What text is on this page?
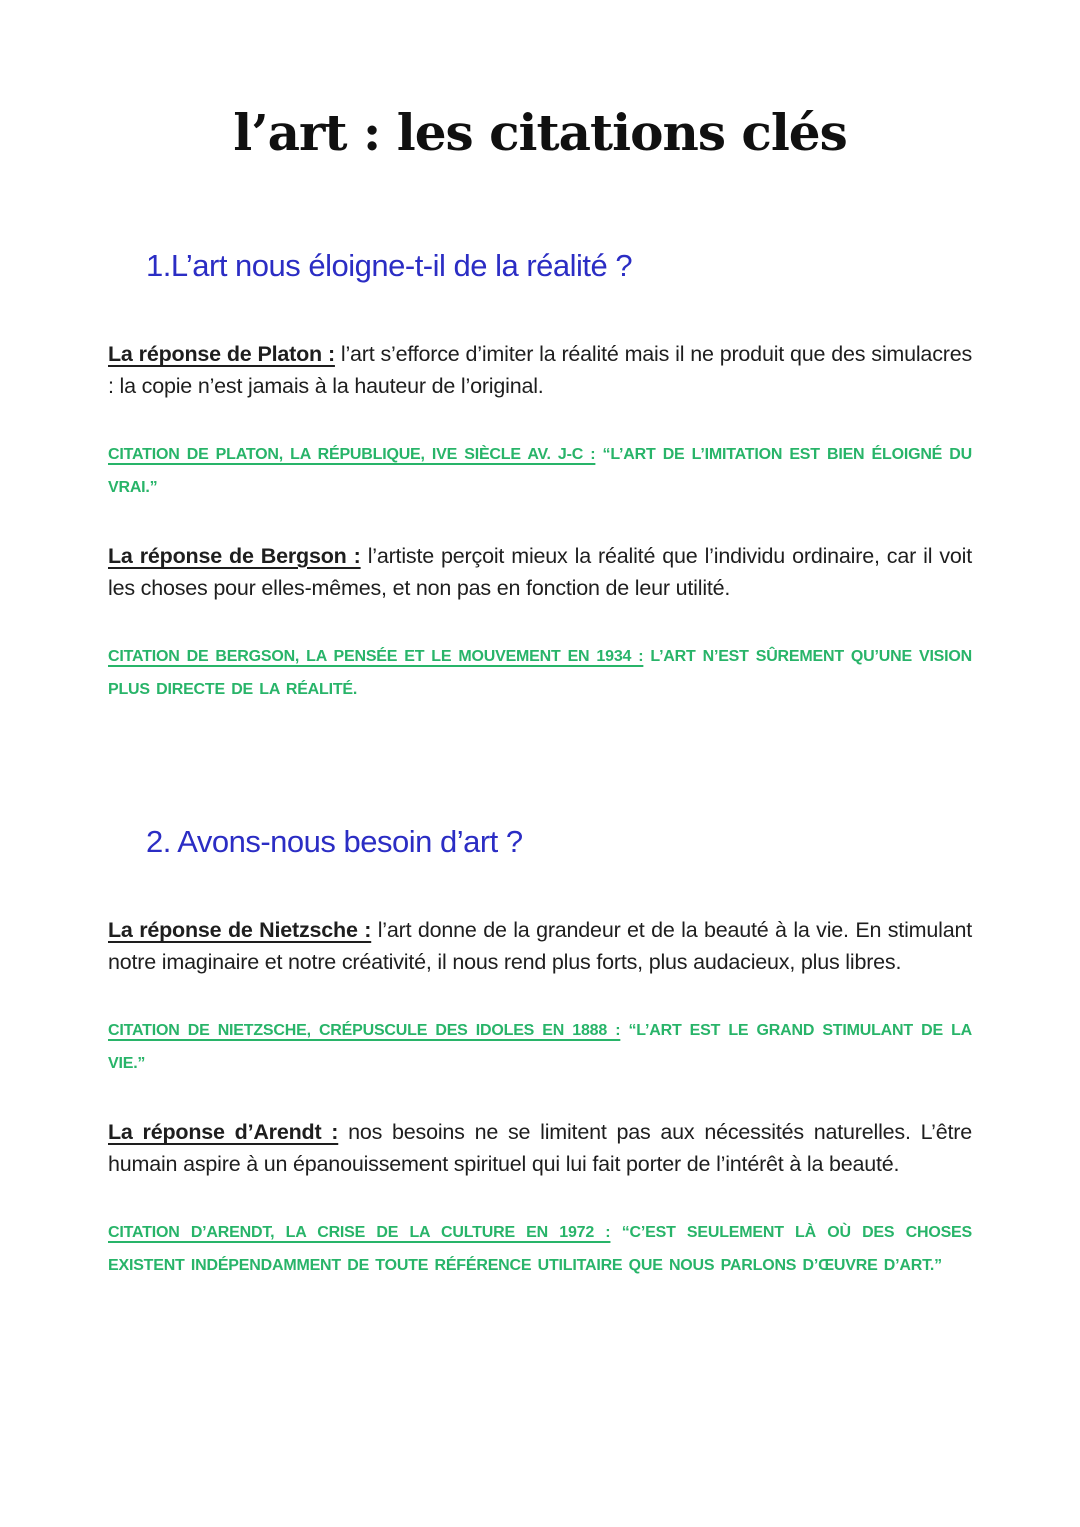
l’art : les citations clés
1.L’art nous éloigne-t-il de la réalité ?

La réponse de Platon : l’art s’efforce d’imiter la réalité mais il ne produit que des simulacres : la copie n’est jamais à la hauteur de l’original.

CITATION DE PLATON, LA RÉPUBLIQUE, IVE SIÈCLE AV. J-C : “L’ART DE L’IMITATION EST BIEN ÉLOIGNÉ DU VRAI.”

La réponse de Bergson : l’artiste perçoit mieux la réalité que l’individu ordinaire, car il voit les choses pour elles-mêmes, et non pas en fonction de leur utilité.

CITATION DE BERGSON, LA PENSÉE ET LE MOUVEMENT EN 1934 : L’ART N’EST SÛREMENT QU’UNE VISION PLUS DIRECTE DE LA RÉALITÉ.

2. Avons-nous besoin d’art ?

La réponse de Nietzsche : l’art donne de la grandeur et de la beauté à la vie. En stimulant notre imaginaire et notre créativité, il nous rend plus forts, plus audacieux, plus libres.

CITATION DE NIETZSCHE, CRÉPUSCULE DES IDOLES EN 1888 : “L’ART EST LE GRAND STIMULANT DE LA VIE.”

La réponse d’Arendt : nos besoins ne se limitent pas aux nécessités naturelles. L’être humain aspire à un épanouissement spirituel qui lui fait porter de l’intérêt à la beauté.

CITATION D’ARENDT, LA CRISE DE LA CULTURE EN 1972 : “C’EST SEULEMENT LÀ OÙ DES CHOSES EXISTENT INDÉPENDAMMENT DE TOUTE RÉFÉRENCE UTILITAIRE QUE NOUS PARLONS D’ŒUVRE D’ART.”
